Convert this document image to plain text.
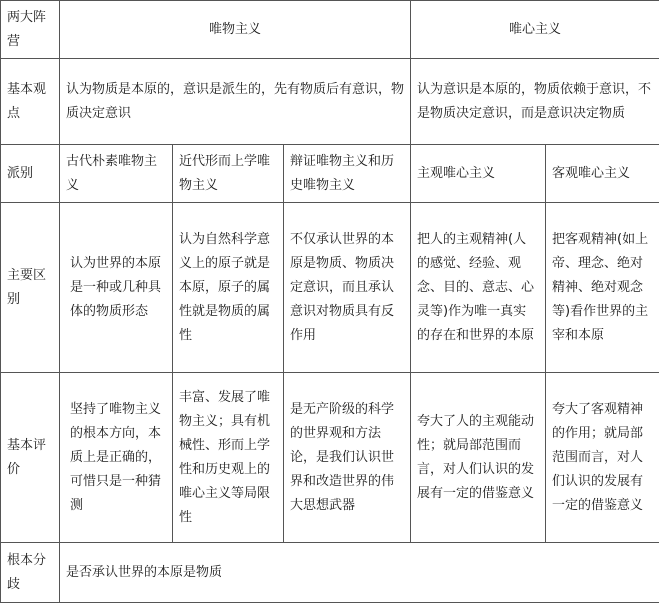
两大阵营	唯物主义			唯心主义	
基本观点	认为物质是本原的，意识是派生的，先有物质后有意识，物质决定意识			认为意识是本原的，物质依赖于意识，不是物质决定意识，而是意识决定物质	
派别	古代朴素唯物主义	近代形而上学唯物主义	辩证唯物主义和历史唯物主义	主观唯心主义	客观唯心主义
主要区别	认为世界的本原是一种或几种具体的物质形态	认为自然科学意义上的原子就是本原，原子的属性就是物质的属性	不仅承认世界的本原是物质、物质决定意识，而且承认意识对物质具有反作用	把人的主观精神(人的感觉、经验、观念、目的、意志、心灵等)作为唯一真实的存在和世界的本原	把客观精神(如上帝、理念、绝对精神、绝对观念等)看作世界的主宰和本原
基本评价	坚持了唯物主义的根本方向，本质上是正确的，可惜只是一种猜测	丰富、发展了唯物主义；具有机械性、形而上学性和历史观上的唯心主义等局限性	是无产阶级的科学的世界观和方法论，是我们认识世界和改造世界的伟大思想武器	夸大了人的主观能动性；就局部范围而言，对人们认识的发展有一定的借鉴意义	夸大了客观精神的作用；就局部范围而言，对人们认识的发展有一定的借鉴意义
根本分歧	是否承认世界的本原是物质				
